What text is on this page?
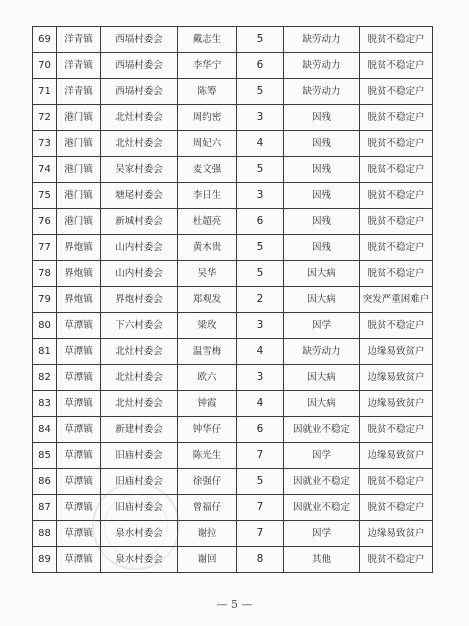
69	洋青镇	西塥村委会	戴志生	5	缺劳动力	脱贫不稳定户
70	洋青镇	西塥村委会	李华宁	6	缺劳动力	脱贫不稳定户
71	洋青镇	西塥村委会	陈筹	5	缺劳动力	脱贫不稳定户
72	港门镇	北灶村委会	周约密	3	因残	脱贫不稳定户
73	港门镇	北灶村委会	周妃六	4	因残	脱贫不稳定户
74	港门镇	吴家村委会	麦文强	5	因残	脱贫不稳定户
75	港门镇	塘尾村委会	李日生	3	因残	脱贫不稳定户
76	港门镇	新城村委会	杜超亮	6	因残	脱贫不稳定户
77	界炮镇	山内村委会	黄木贵	5	因残	脱贫不稳定户
78	界炮镇	山内村委会	吴华	5	因大病	脱贫不稳定户
79	界炮镇	界炮村委会	郑观发	2	因大病	突发严重困难户
80	草潭镇	下六村委会	梁玫	3	因学	脱贫不稳定户
81	草潭镇	北灶村委会	温雪梅	4	缺劳动力	边缘易致贫户
82	草潭镇	北灶村委会	欧六	3	因大病	边缘易致贫户
83	草潭镇	北灶村委会	钟霞	4	因大病	边缘易致贫户
84	草潭镇	新建村委会	钟华仔	6	因就业不稳定	脱贫不稳定户
85	草潭镇	旧庙村委会	陈光生	7	因学	边缘易致贫户
86	草潭镇	旧庙村委会	徐强仔	5	因就业不稳定	脱贫不稳定户
87	草潭镇	旧庙村委会	曾福仔	7	因就业不稳定	脱贫不稳定户
88	草潭镇	泉水村委会	谢拉	7	因学	边缘易致贫户
89	草潭镇	泉水村委会	谢回	8	其他	脱贫不稳定户
— 5 —
